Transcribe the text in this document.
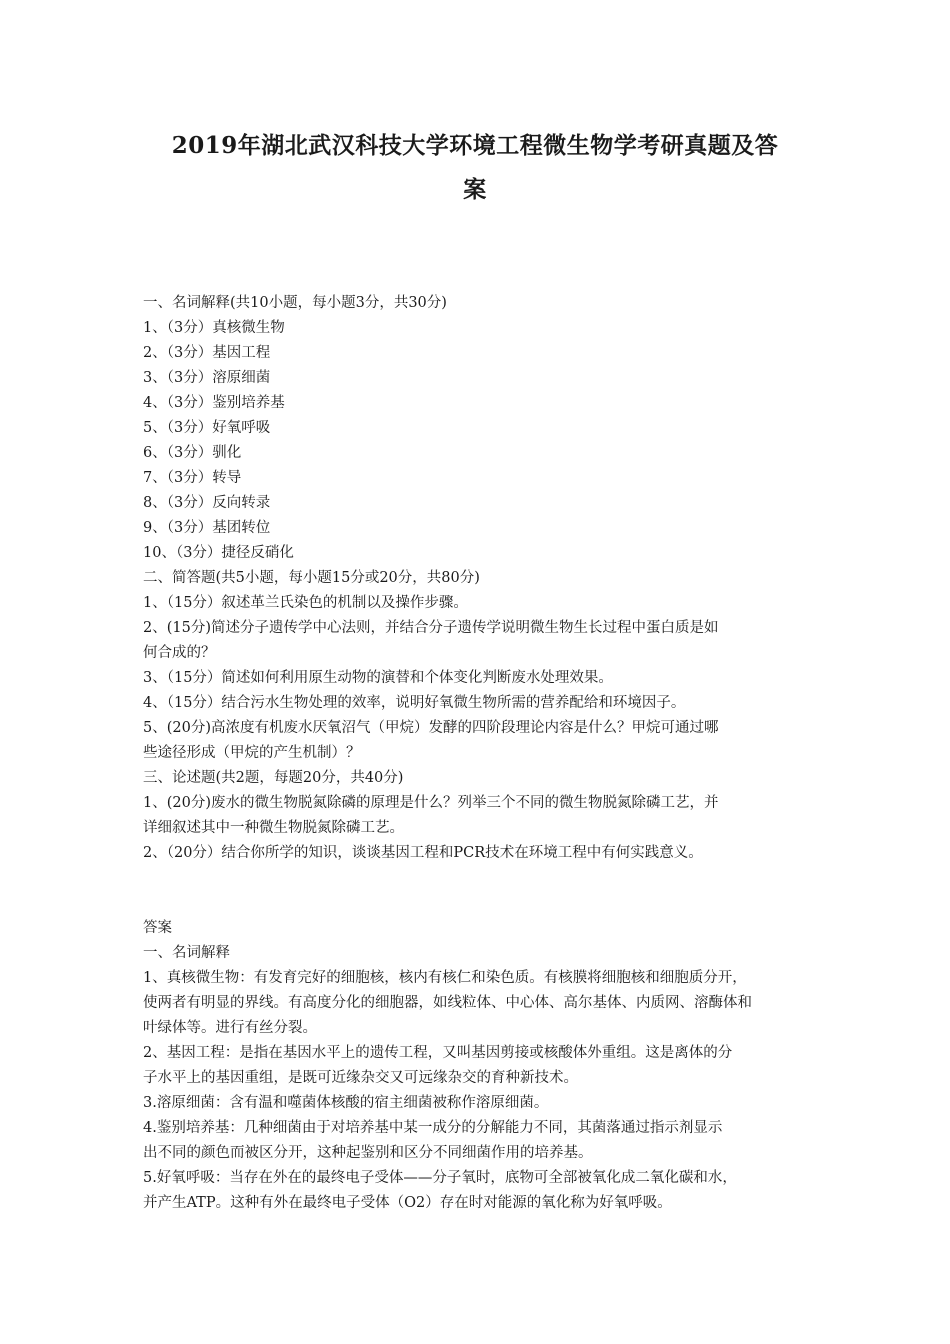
2019年湖北武汉科技大学环境工程微生物学考研真题及答
案
一、名词解释(共10小题，每小题3分，共30分)
1、（3分）真核微生物
2、（3分）基因工程
3、（3分）溶原细菌
4、（3分）鉴别培养基
5、（3分）好氧呼吸
6、（3分）驯化
7、（3分）转导
8、（3分）反向转录
9、（3分）基团转位
10、（3分）捷径反硝化
二、简答题(共5小题，每小题15分或20分，共80分)
1、（15分）叙述革兰氏染色的机制以及操作步骤。
2、(15分)简述分子遗传学中心法则，并结合分子遗传学说明微生物生长过程中蛋白质是如
何合成的？
3、（15分）简述如何利用原生动物的演替和个体变化判断废水处理效果。
4、（15分）结合污水生物处理的效率，说明好氧微生物所需的营养配给和环境因子。
5、(20分)高浓度有机废水厌氧沼气（甲烷）发酵的四阶段理论内容是什么？甲烷可通过哪
些途径形成（甲烷的产生机制）？
三、论述题(共2题，每题20分，共40分)
1、(20分)废水的微生物脱氮除磷的原理是什么？列举三个不同的微生物脱氮除磷工艺，并
详细叙述其中一种微生物脱氮除磷工艺。
2、（20分）结合你所学的知识，谈谈基因工程和PCR技术在环境工程中有何实践意义。
答案
一、名词解释
1、真核微生物：有发育完好的细胞核，核内有核仁和染色质。有核膜将细胞核和细胞质分开，
使两者有明显的界线。有高度分化的细胞器，如线粒体、中心体、高尔基体、内质网、溶酶体和
叶绿体等。进行有丝分裂。
2、基因工程：是指在基因水平上的遗传工程，又叫基因剪接或核酸体外重组。这是离体的分
子水平上的基因重组，是既可近缘杂交又可远缘杂交的育种新技术。
3.溶原细菌：含有温和噬菌体核酸的宿主细菌被称作溶原细菌。
4.鉴别培养基：几种细菌由于对培养基中某一成分的分解能力不同，其菌落通过指示剂显示
出不同的颜色而被区分开，这种起鉴别和区分不同细菌作用的培养基。
5.好氧呼吸：当存在外在的最终电子受体——分子氧时，底物可全部被氧化成二氧化碳和水，
并产生ATP。这种有外在最终电子受体（O2）存在时对能源的氧化称为好氧呼吸。
